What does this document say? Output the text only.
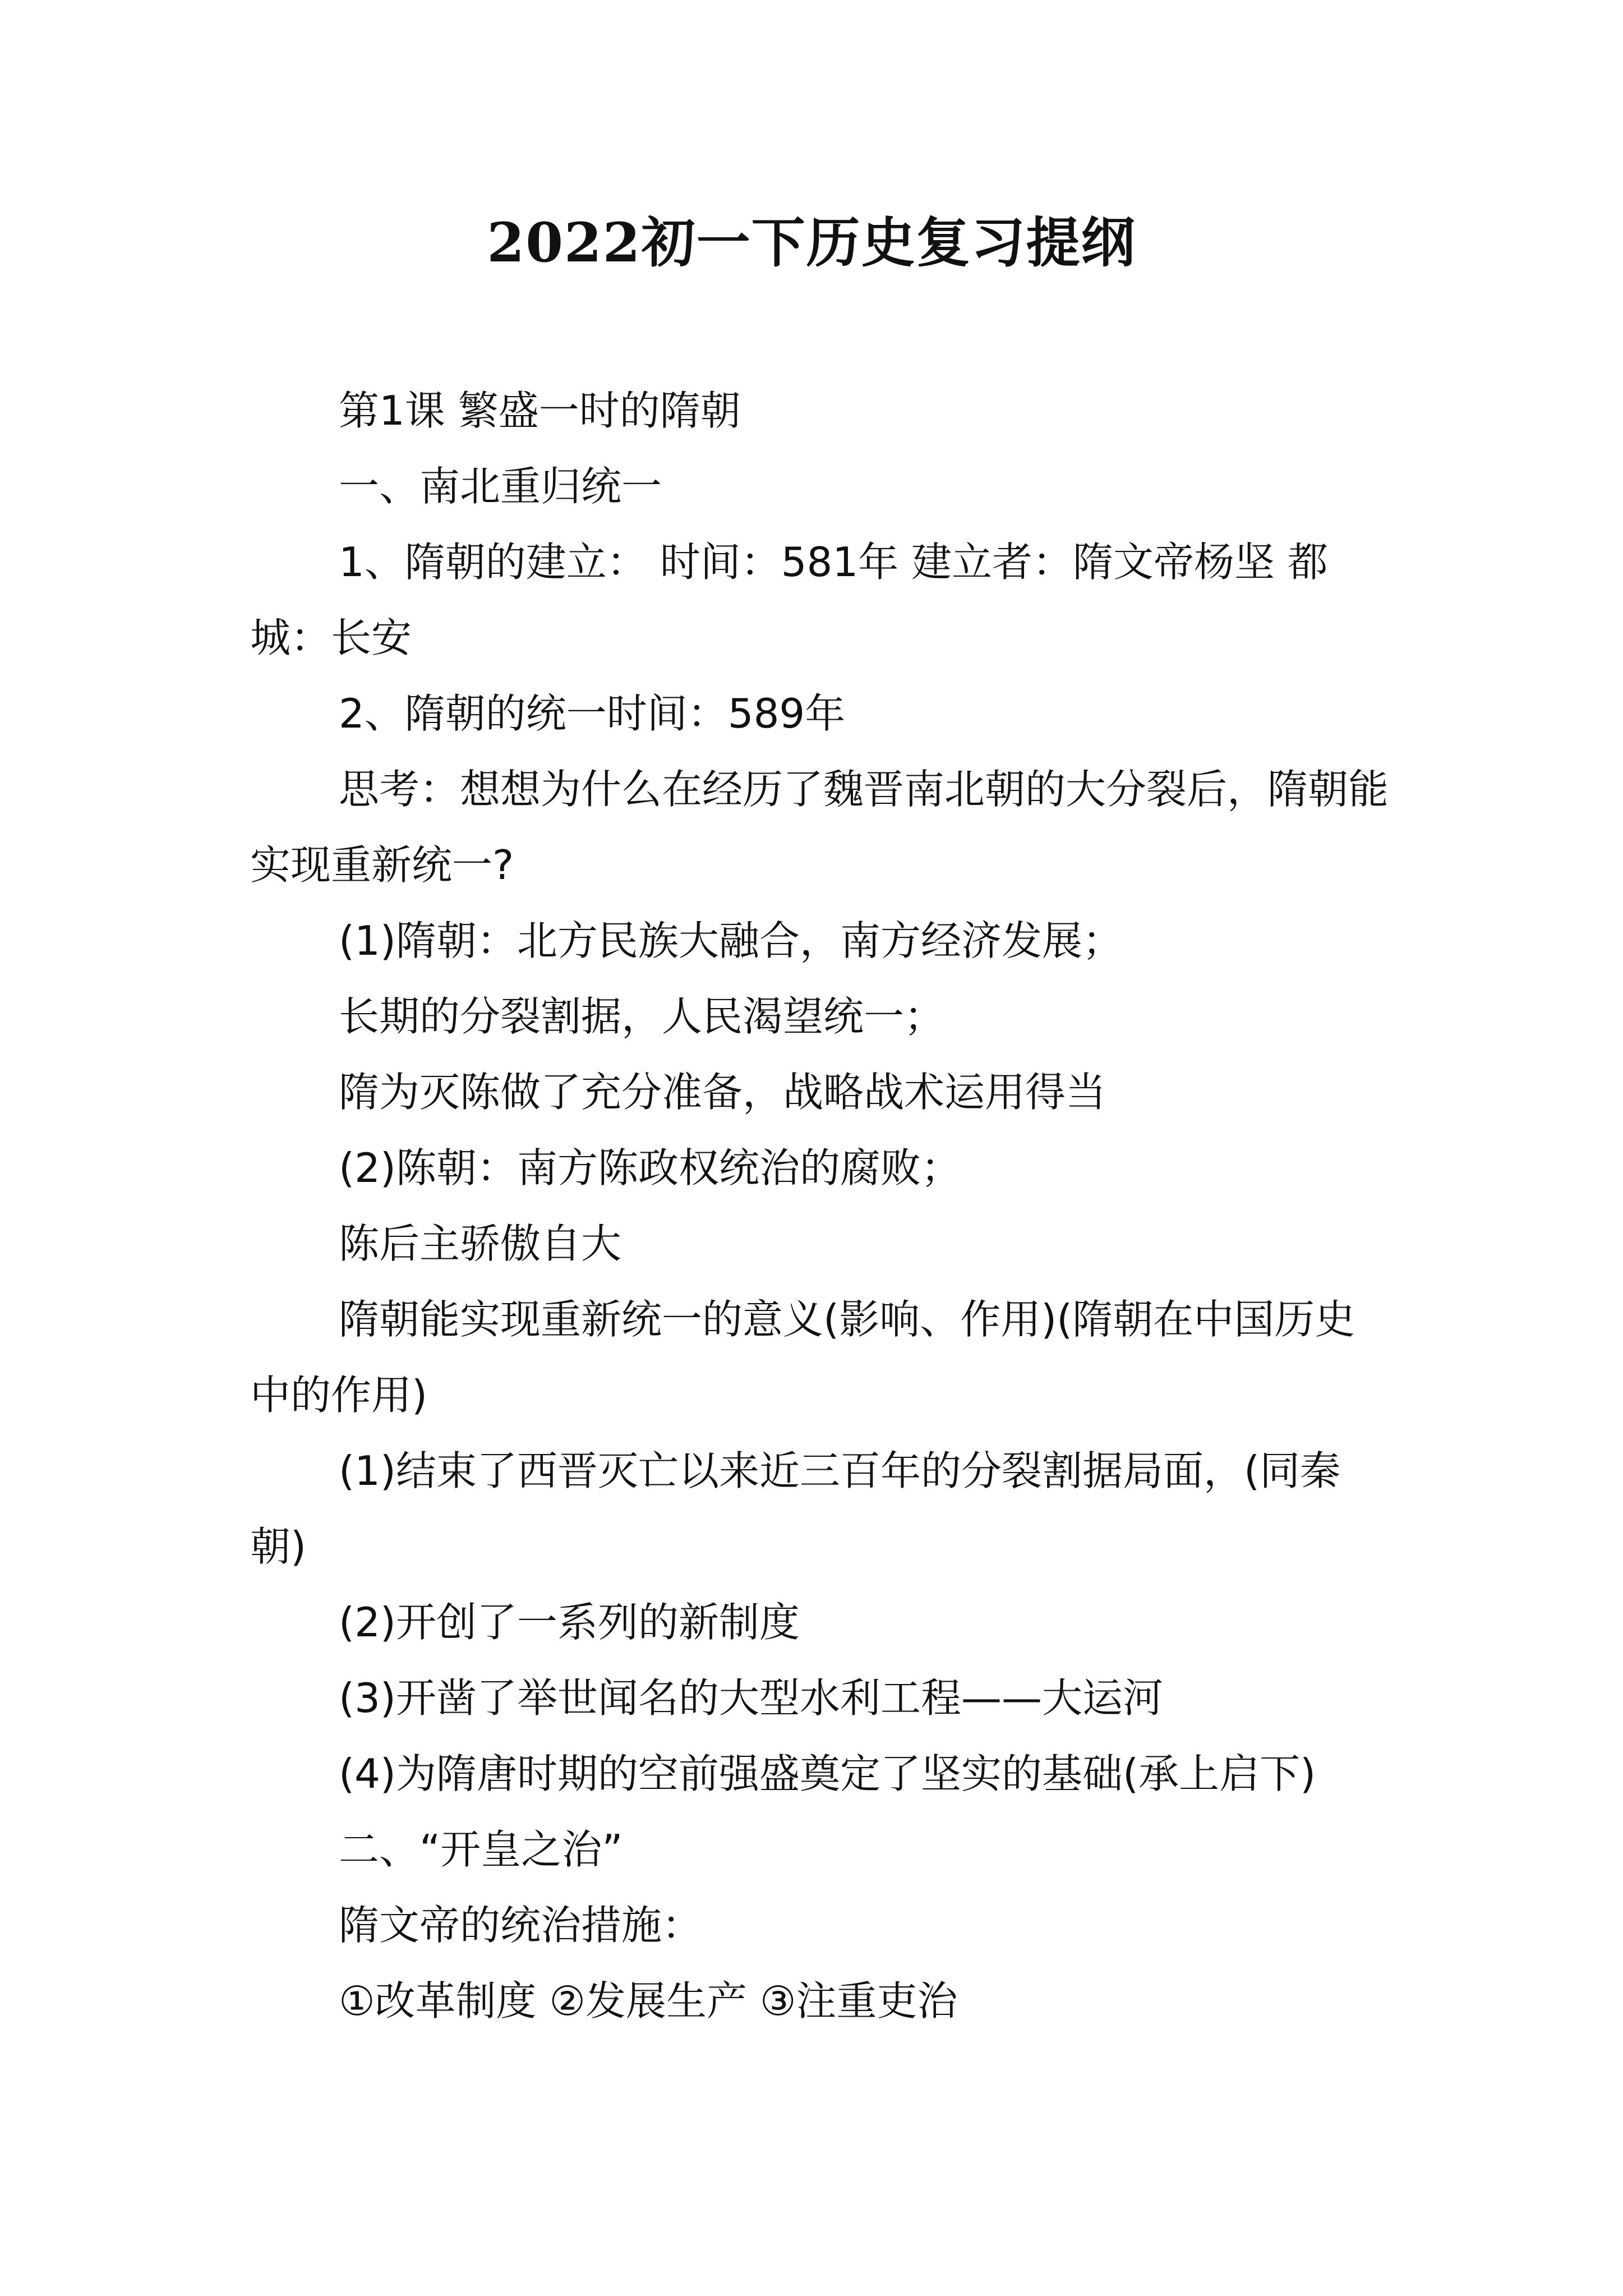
2022初一下历史复习提纲

第1课 繁盛一时的隋朝

一、南北重归统一

1、隋朝的建立： 时间：581年 建立者：隋文帝杨坚 都城：长安

2、隋朝的统一时间：589年

思考：想想为什么在经历了魏晋南北朝的大分裂后，隋朝能实现重新统一?

(1)隋朝：北方民族大融合，南方经济发展；

长期的分裂割据，人民渴望统一；

隋为灭陈做了充分准备，战略战术运用得当

(2)陈朝：南方陈政权统治的腐败；

陈后主骄傲自大

隋朝能实现重新统一的意义(影响、作用)(隋朝在中国历史中的作用)

(1)结束了西晋灭亡以来近三百年的分裂割据局面，(同秦朝)

(2)开创了一系列的新制度

(3)开凿了举世闻名的大型水利工程——大运河

(4)为隋唐时期的空前强盛奠定了坚实的基础(承上启下)

二、“开皇之治”

隋文帝的统治措施：

①改革制度 ②发展生产 ③注重吏治
